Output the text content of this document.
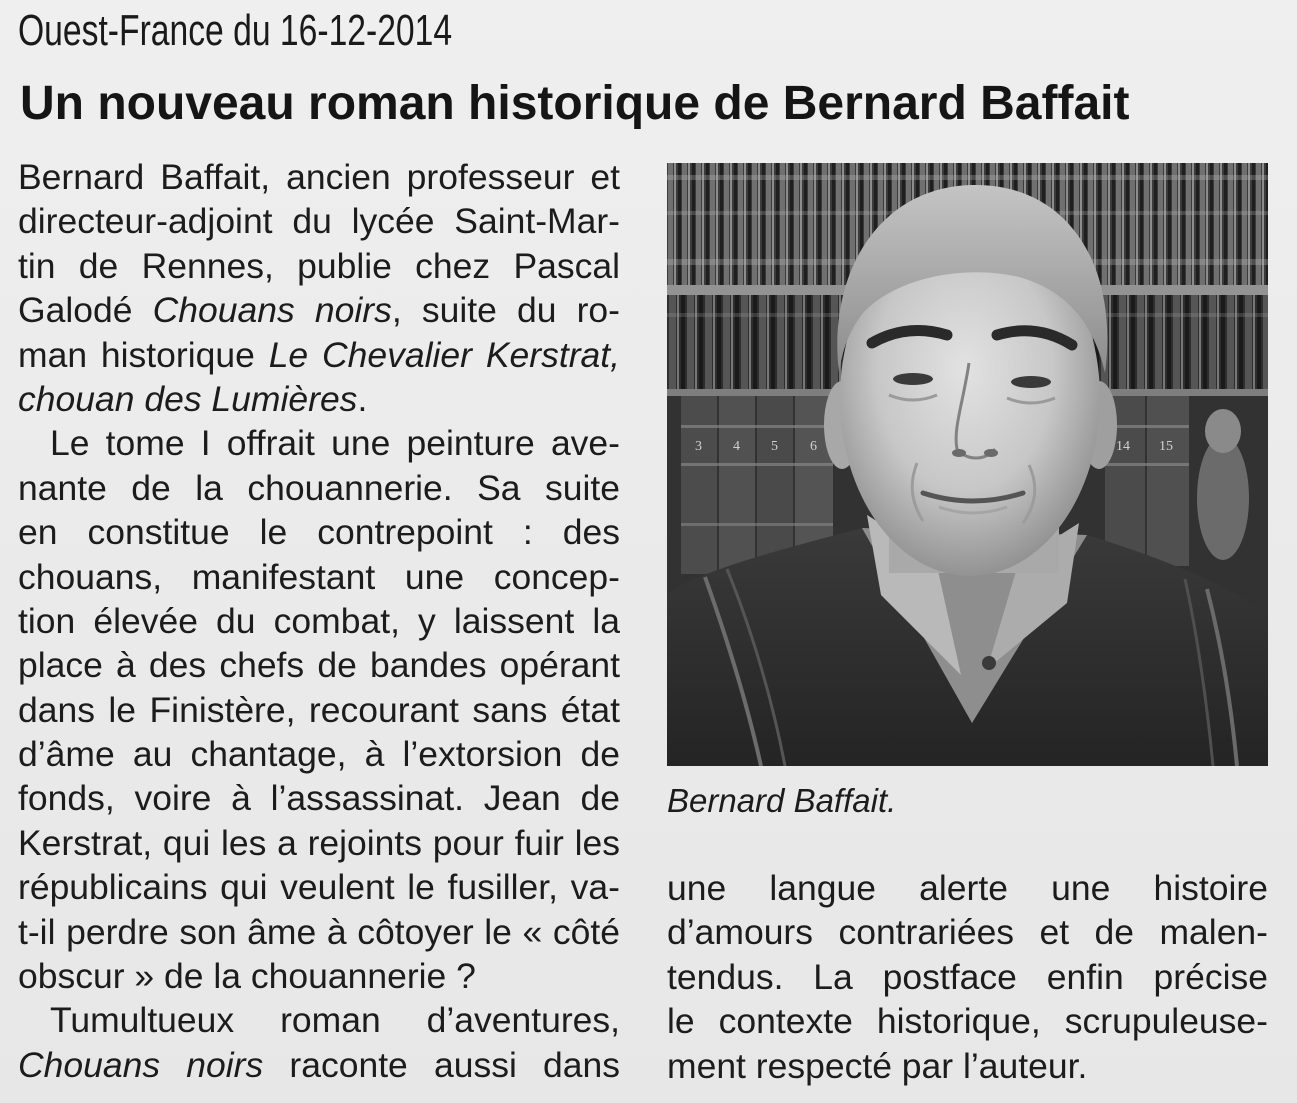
Ouest-France du 16-12-2014
Un nouveau roman historique de Bernard Baffait
Bernard Baffait, ancien professeur et
directeur-adjoint du lycée Saint-Mar-
tin de Rennes, publie chez Pascal
Galodé Chouans noirs, suite du ro-
man historique Le Chevalier Kerstrat,
chouan des Lumières.
Le tome I offrait une peinture ave-
nante de la chouannerie. Sa suite
en constitue le contrepoint : des
chouans, manifestant une concep-
tion élevée du combat, y laissent la
place à des chefs de bandes opérant
dans le Finistère, recourant sans état
d’âme au chantage, à l’extorsion de
fonds, voire à l’assassinat. Jean de
Kerstrat, qui les a rejoints pour fuir les
républicains qui veulent le fusiller, va-
t-il perdre son âme à côtoyer le « côté
obscur » de la chouannerie ?
Tumultueux roman d’aventures,
Chouans noirs raconte aussi dans
3 4 5 6	14 15
Bernard Baffait.
une langue alerte une histoire
d’amours contrariées et de malen-
tendus. La postface enfin précise
le contexte historique, scrupuleuse-
ment respecté par l’auteur.
